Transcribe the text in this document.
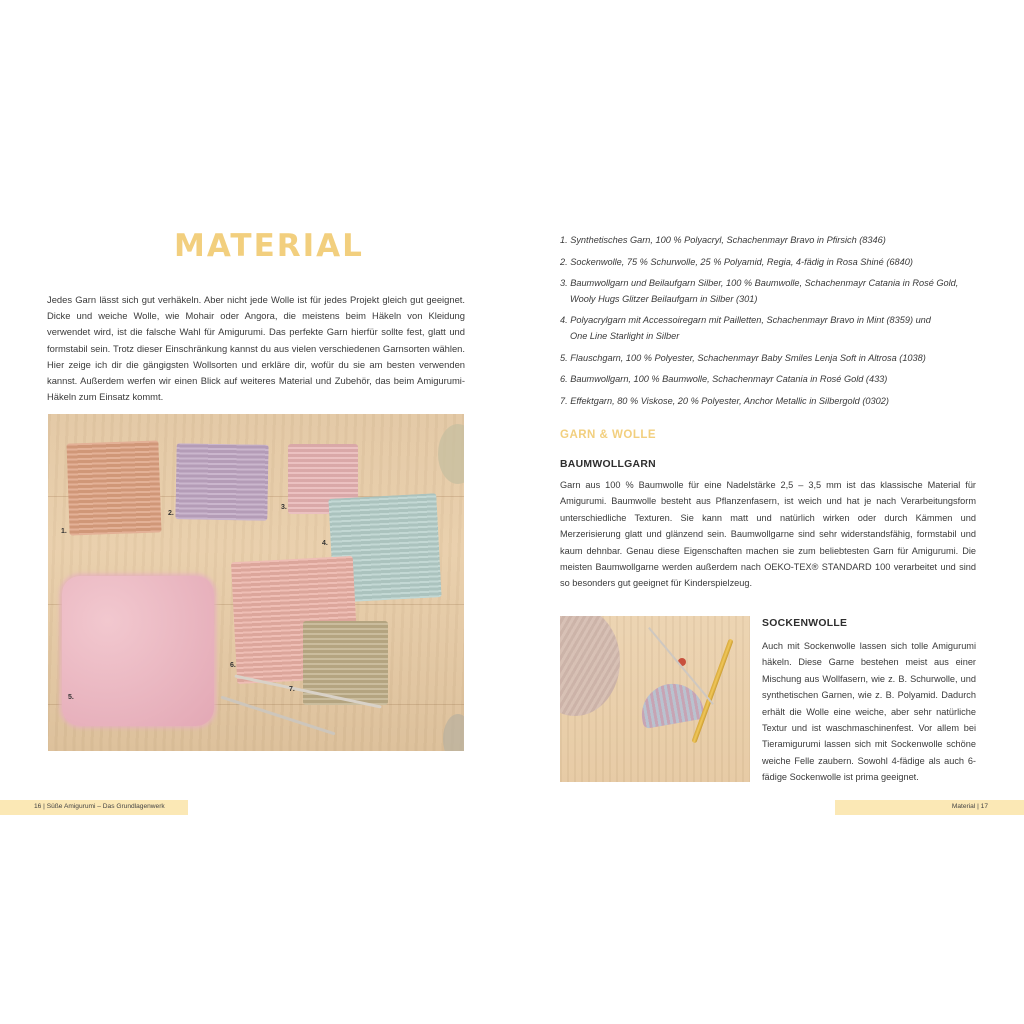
MATERIAL

Jedes Garn lässt sich gut verhäkeln. Aber nicht jede Wolle ist für jedes Projekt gleich gut geeignet. Dicke und weiche Wolle, wie Mohair oder Angora, die meistens beim Häkeln von Kleidung verwendet wird, ist die falsche Wahl für Amigurumi. Das perfekte Garn hierfür sollte fest, glatt und formstabil sein. Trotz dieser Einschränkung kannst du aus vielen verschiedenen Garnsorten wählen. Hier zeige ich dir die gängigsten Wollsorten und erkläre dir, wofür du sie am besten verwenden kannst. Außerdem werfen wir einen Blick auf weiteres Material und Zubehör, das beim Amigurumi-Häkeln zum Einsatz kommt.

1.
2.
3.
4.
5.
6.
7.
16 | Süße Amigurumi – Das Grundlagenwerk
1. Synthetisches Garn, 100 % Polyacryl, Schachenmayr Bravo in Pfirsich (8346)
2. Sockenwolle, 75 % Schurwolle, 25 % Polyamid, Regia, 4-fädig in Rosa Shiné (6840)
3. Baumwollgarn und Beilaufgarn Silber, 100 % Baumwolle, Schachenmayr Catania in Rosé Gold,
Wooly Hugs Glitzer Beilaufgarn in Silber (301)
4. Polyacrylgarn mit Accessoiregarn mit Pailletten, Schachenmayr Bravo in Mint (8359) und
One Line Starlight in Silber
5. Flauschgarn, 100 % Polyester, Schachenmayr Baby Smiles Lenja Soft in Altrosa (1038)
6. Baumwollgarn, 100 % Baumwolle, Schachenmayr Catania in Rosé Gold (433)
7. Effektgarn, 80 % Viskose, 20 % Polyester, Anchor Metallic in Silbergold (0302)
GARN & WOLLE
BAUMWOLLGARN

Garn aus 100 % Baumwolle für eine Nadelstärke 2,5 – 3,5 mm ist das klassische Material für Amigurumi. Baumwolle besteht aus Pflanzenfasern, ist weich und hat je nach Verarbeitungsform unterschiedliche Texturen. Sie kann matt und natürlich wirken oder durch Kämmen und Merzerisierung glatt und glänzend sein. Baumwollgarne sind sehr widerstandsfähig, formstabil und kaum dehnbar. Genau diese Eigenschaften machen sie zum beliebtesten Garn für Amigurumi. Die meisten Baumwollgarne werden außerdem nach OEKO-TEX® STANDARD 100 verarbeitet und sind so besonders gut geeignet für Kinderspielzeug.

SOCKENWOLLE

Auch mit Sockenwolle lassen sich tolle Amigurumi häkeln. Diese Garne bestehen meist aus einer Mischung aus Wollfasern, wie z. B. Schurwolle, und synthetischen Garnen, wie z. B. Polyamid. Dadurch erhält die Wolle eine weiche, aber sehr natürliche Textur und ist waschmaschinenfest. Vor allem bei Tieramigurumi lassen sich mit Sockenwolle schöne weiche Felle zaubern. Sowohl 4-fädige als auch 6-fädige Sockenwolle ist prima geeignet.

Material | 17
